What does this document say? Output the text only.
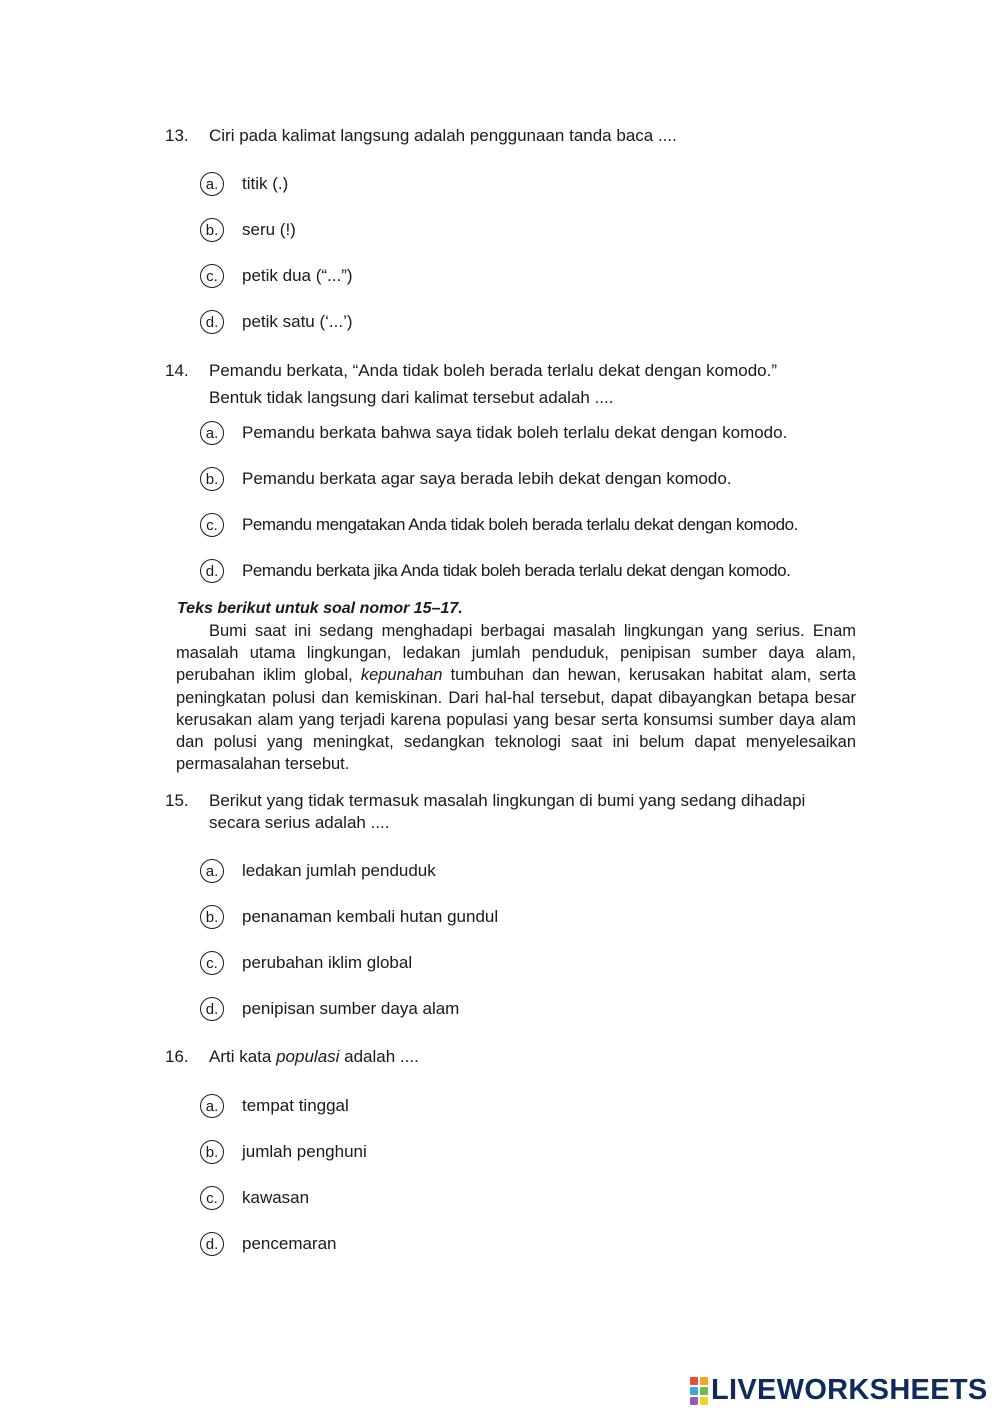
13. Ciri pada kalimat langsung adalah penggunaan tanda baca ....
a.	titik (.)
b.	seru (!)
c.	petik dua (“...”)
d.	petik satu (‘...’)
14. Pemandu berkata, “Anda tidak boleh berada terlalu dekat dengan komodo.”
Bentuk tidak langsung dari kalimat tersebut adalah ....
a.	Pemandu berkata bahwa saya tidak boleh terlalu dekat dengan komodo.
b.	Pemandu berkata agar saya berada lebih dekat dengan komodo.
c.	Pemandu mengatakan Anda tidak boleh berada terlalu dekat dengan komodo.
d.	Pemandu berkata jika Anda tidak boleh berada terlalu dekat dengan komodo.
Teks berikut untuk soal nomor 15–17.

Bumi saat ini sedang menghadapi berbagai masalah lingkungan yang serius. Enam masalah utama lingkungan, ledakan jumlah penduduk, penipisan sumber daya alam, perubahan iklim global, kepunahan tumbuhan dan hewan, kerusakan habitat alam, serta peningkatan polusi dan kemiskinan. Dari hal-hal tersebut, dapat dibayangkan betapa besar kerusakan alam yang terjadi karena populasi yang besar serta konsumsi sumber daya alam dan polusi yang meningkat, sedangkan teknologi saat ini belum dapat menyelesaikan permasalahan tersebut.

15. Berikut yang tidak termasuk masalah lingkungan di bumi yang sedang dihadapi
secara serius adalah ....
a.	ledakan jumlah penduduk
b.	penanaman kembali hutan gundul
c.	perubahan iklim global
d.	penipisan sumber daya alam
16. Arti kata populasi adalah ....
a.	tempat tinggal
b.	jumlah penghuni
c.	kawasan
d.	pencemaran
LIVEWORKSHEETS
